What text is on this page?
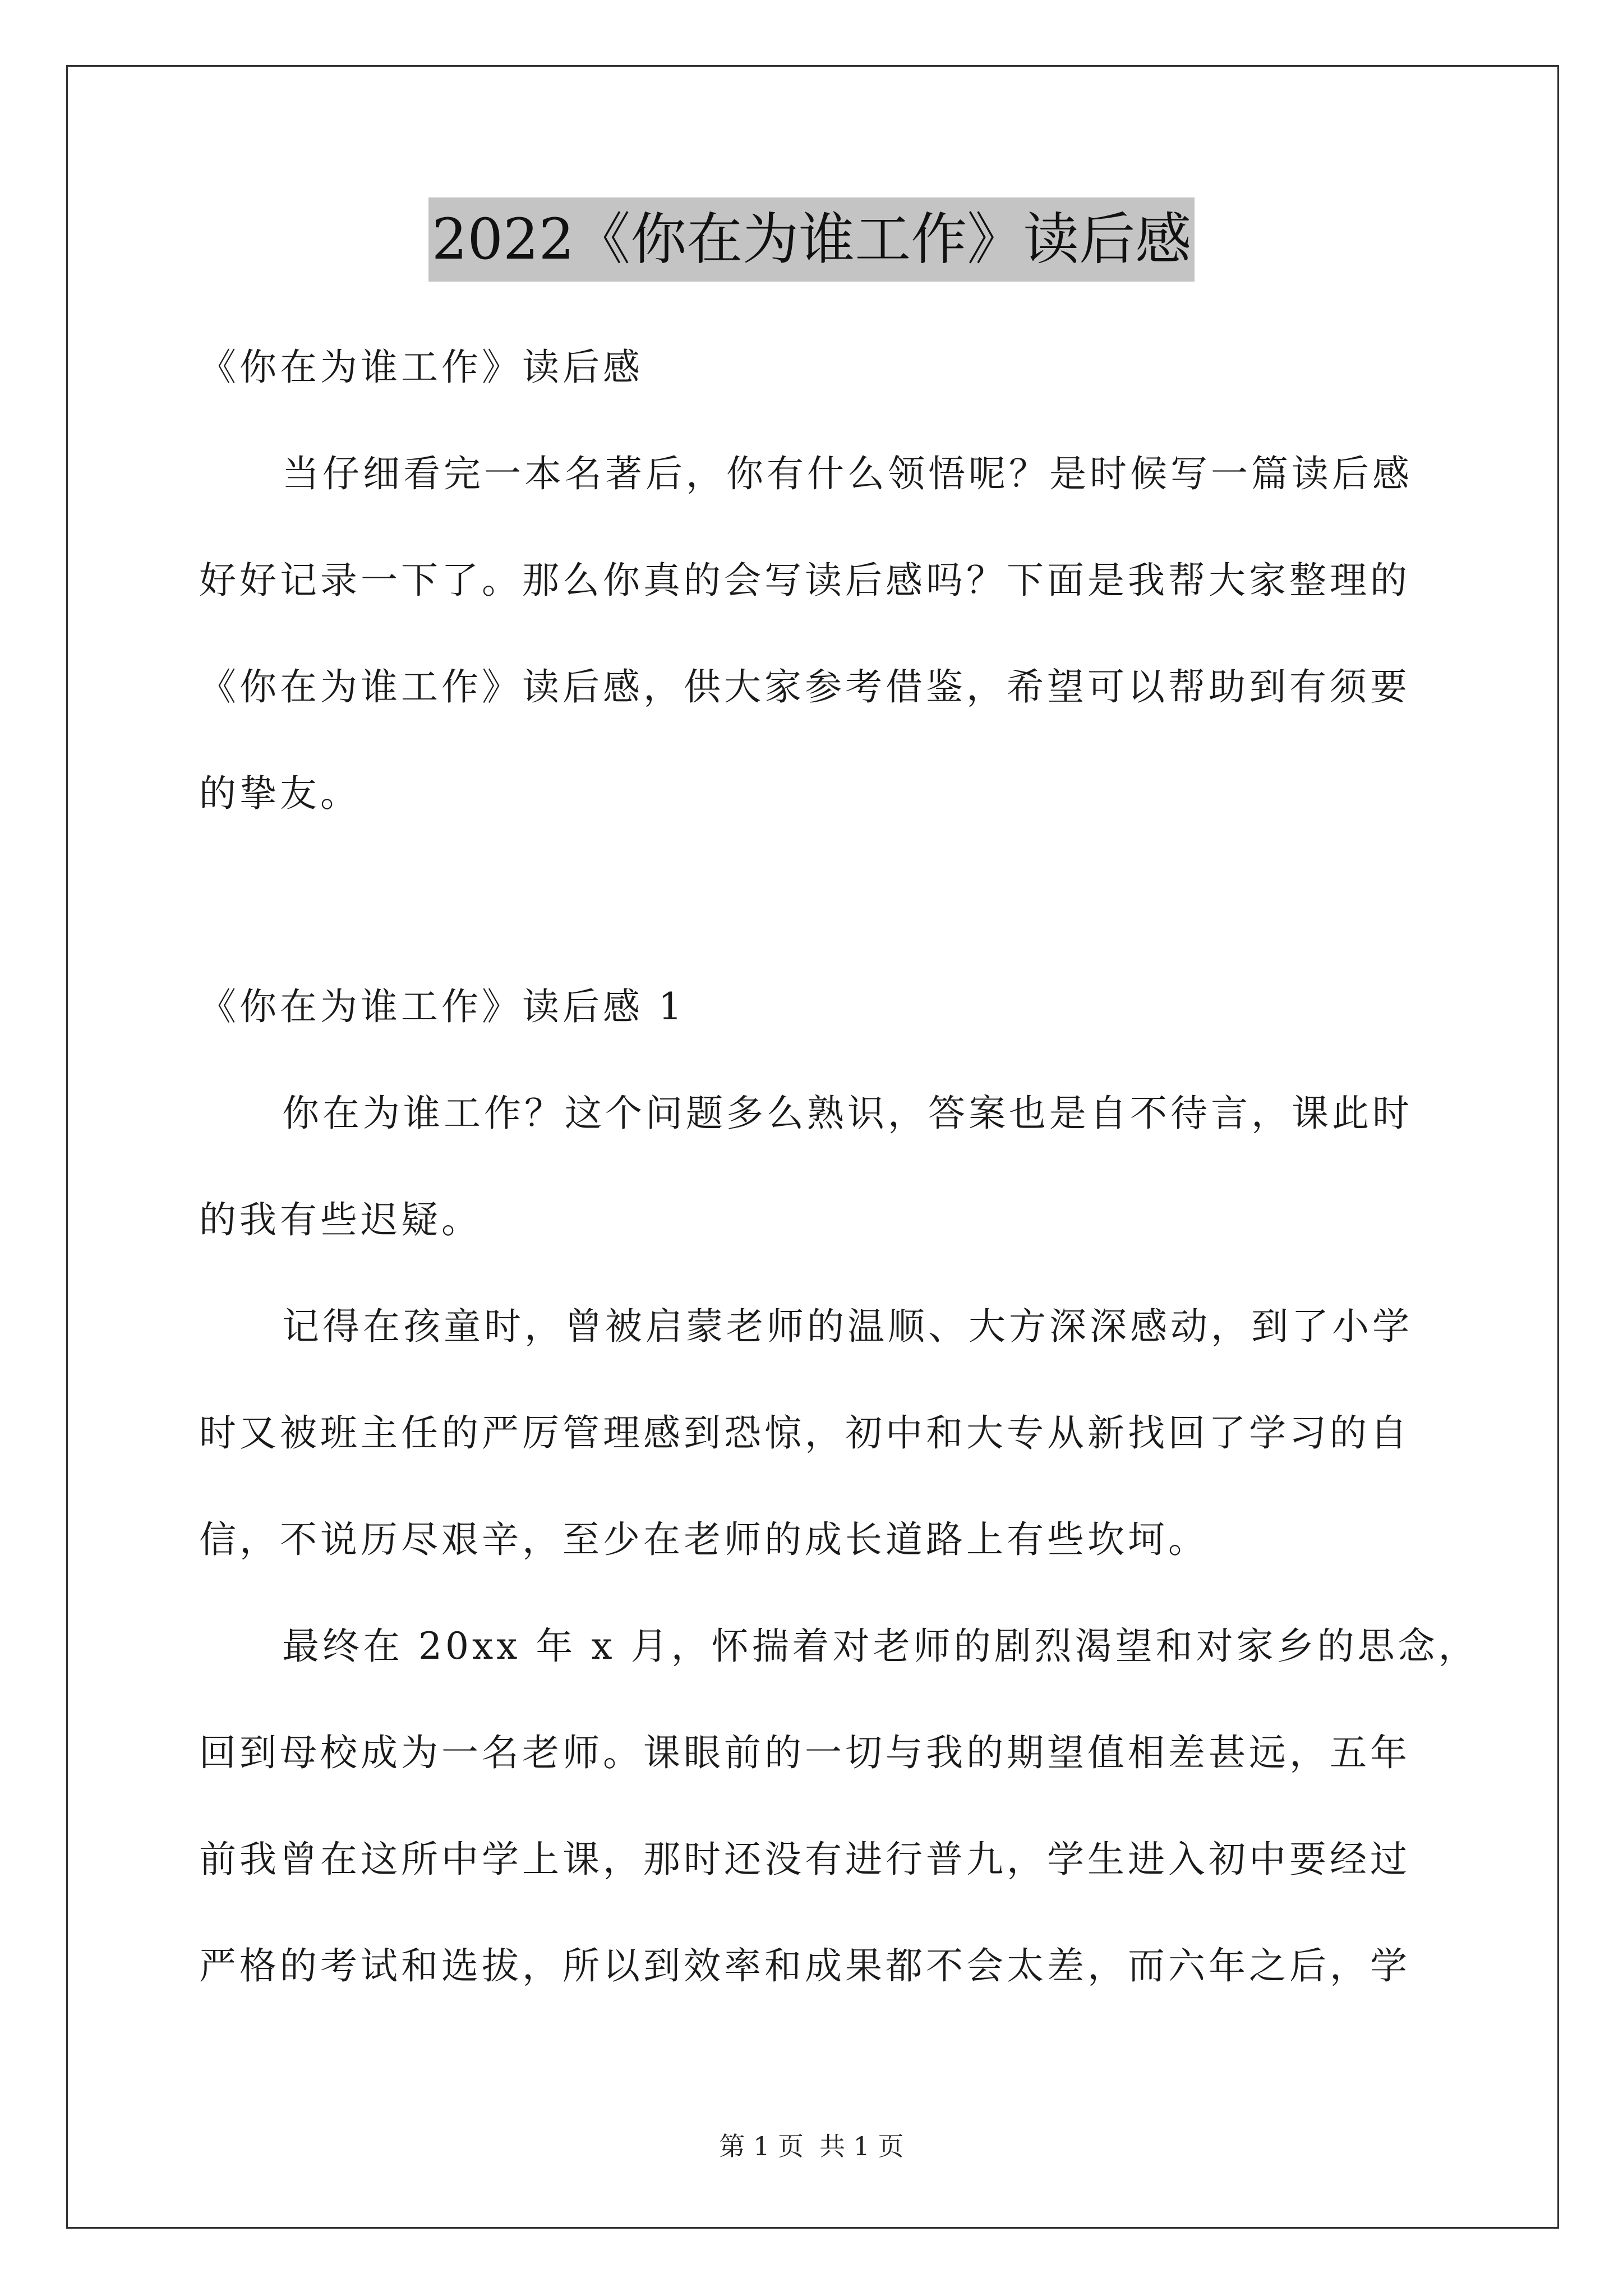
2022《你在为谁工作》读后感
《你在为谁工作》读后感
当仔细看完一本名著后，你有什么领悟呢？是时候写一篇读后感
好好记录一下了。那么你真的会写读后感吗？下面是我帮大家整理的
《你在为谁工作》读后感，供大家参考借鉴，希望可以帮助到有须要
的挚友。
《你在为谁工作》读后感 1
你在为谁工作？这个问题多么熟识，答案也是自不待言，课此时
的我有些迟疑。
记得在孩童时，曾被启蒙老师的温顺、大方深深感动，到了小学
时又被班主任的严厉管理感到恐惊，初中和大专从新找回了学习的自
信，不说历尽艰辛，至少在老师的成长道路上有些坎坷。
最终在 20xx 年 x 月，怀揣着对老师的剧烈渴望和对家乡的思念，
回到母校成为一名老师。课眼前的一切与我的期望值相差甚远，五年
前我曾在这所中学上课，那时还没有进行普九，学生进入初中要经过
严格的考试和选拔，所以到效率和成果都不会太差，而六年之后，学
第 1 页 共 1 页
